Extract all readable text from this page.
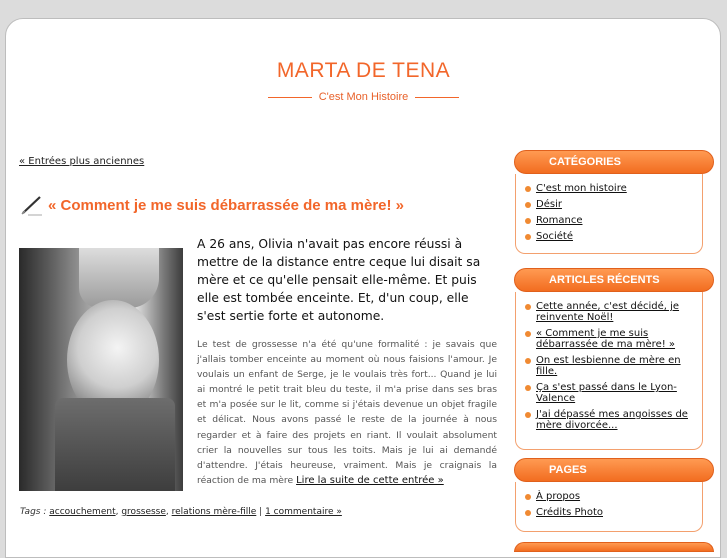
MARTA DE TENA
C'est Mon Histoire
« Entrées plus anciennes
« Comment je me suis débarrassée de ma mère! »
A 26 ans, Olivia n'avait pas encore réussi à mettre de la distance entre ceque lui disait sa mère et ce qu'elle pensait elle-même. Et puis elle est tombée enceinte. Et, d'un coup, elle s'est sertie forte et autonome.
Le test de grossesse n'a été qu'une formalité : je savais que j'allais tomber enceinte au moment où nous faisions l'amour. Je voulais un enfant de Serge, je le voulais très fort... Quand je lui ai montré le petit trait bleu du teste, il m'a prise dans ses bras et m'a posée sur le lit, comme si j'étais devenue un objet fragile et délicat. Nous avons passé le reste de la journée à nous regarder et à faire des projets en riant. Il voulait absolument crier la nouvelles sur tous les toits. Mais je lui ai demandé d'attendre. J'étais heureuse, vraiment. Mais je craignais la réaction de ma mère Lire la suite de cette entrée »
Tags : accouchement, grossesse, relations mère-fille | 1 commentaire »
CATÉGORIES
C'est mon histoire
Désir
Romance
Société
ARTICLES RÉCENTS
Cette année, c'est décidé, je reinvente Noël!
« Comment je me suis débarrassée de ma mère! »
On est lesbienne de mère en fille.
Ça s'est passé dans le Lyon-Valence
J'ai dépassé mes angoisses de mère divorcée...
PAGES
À propos
Crédits Photo
